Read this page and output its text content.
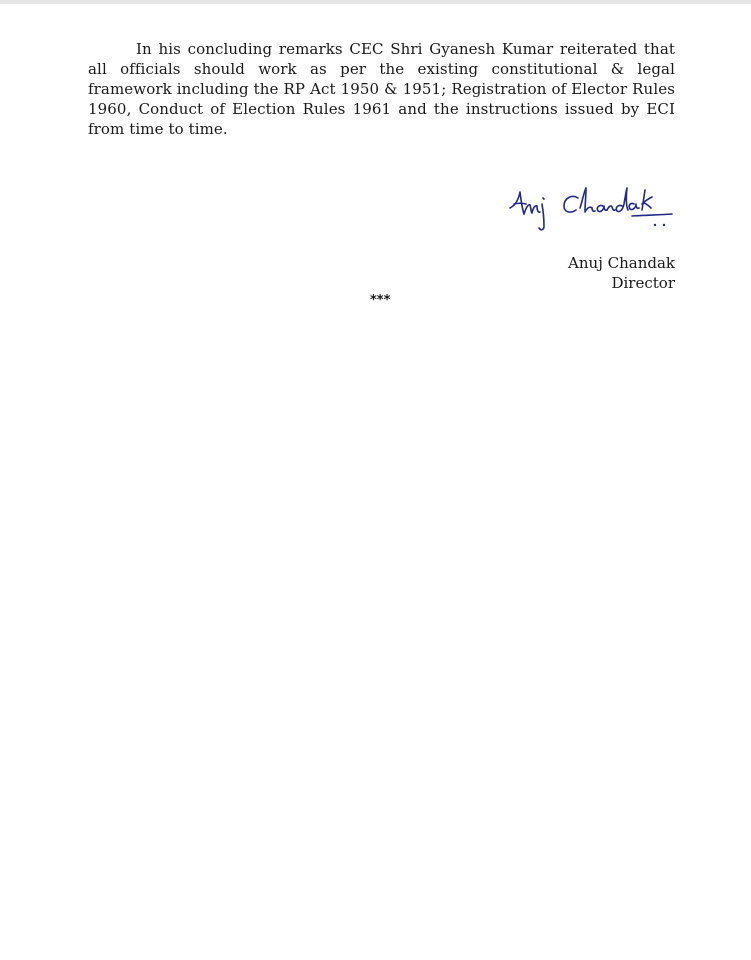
In his concluding remarks CEC Shri Gyanesh Kumar reiterated that all officials should work as per the existing constitutional & legal framework including the RP Act 1950 & 1951; Registration of Elector Rules 1960, Conduct of Election Rules 1961 and the instructions issued by ECI from time to time.

Anuj Chandak
Director
***
